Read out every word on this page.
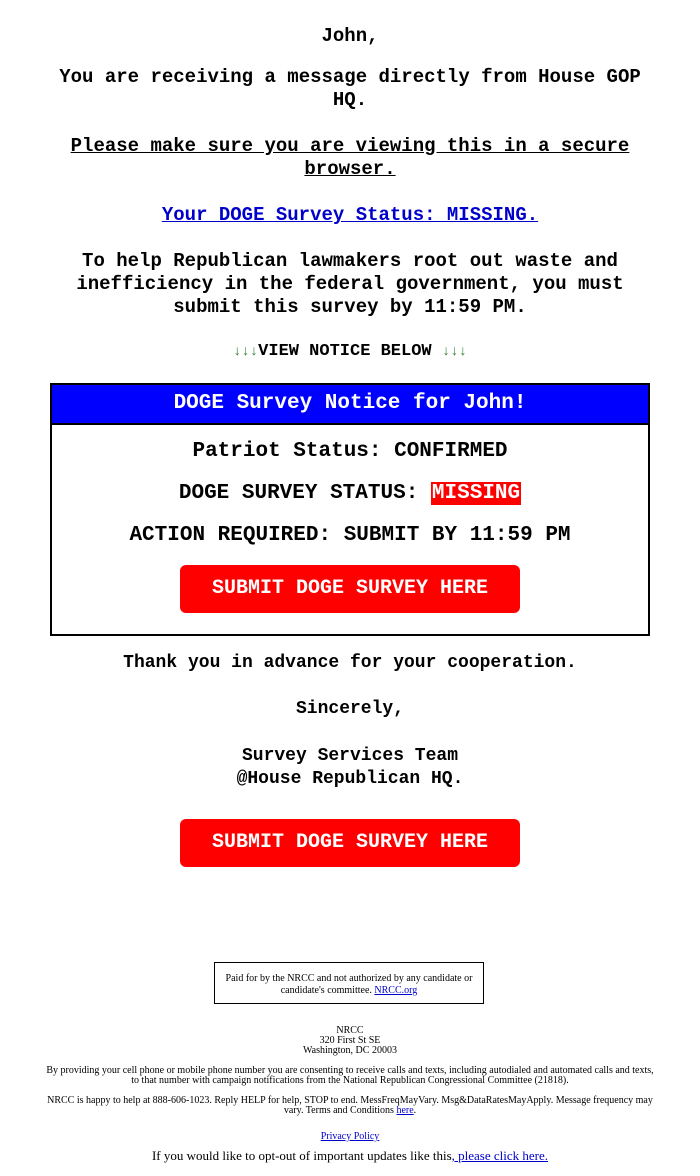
John,
You are receiving a message directly from House GOP HQ.
Please make sure you are viewing this in a secure browser.
Your DOGE Survey Status: MISSING.
To help Republican lawmakers root out waste and inefficiency in the federal government, you must submit this survey by 11:59 PM.
↓↓↓VIEW NOTICE BELOW ↓↓↓
DOGE Survey Notice for John!
Patriot Status: CONFIRMED
DOGE SURVEY STATUS: MISSING
ACTION REQUIRED: SUBMIT BY 11:59 PM
SUBMIT DOGE SURVEY HERE
Thank you in advance for your cooperation.
Sincerely,
Survey Services Team
@House Republican HQ.
SUBMIT DOGE SURVEY HERE
Paid for by the NRCC and not authorized by any candidate or candidate's committee. NRCC.org
NRCC
320 First St SE
Washington, DC 20003
By providing your cell phone or mobile phone number you are consenting to receive calls and texts, including autodialed and automated calls and texts, to that number with campaign notifications from the National Republican Congressional Committee (21818).
NRCC is happy to help at 888-606-1023. Reply HELP for help, STOP to end. MessFreqMayVary. Msg&DataRatesMayApply. Message frequency may vary. Terms and Conditions here.
Privacy Policy
If you would like to opt-out of important updates like this, please click here.
